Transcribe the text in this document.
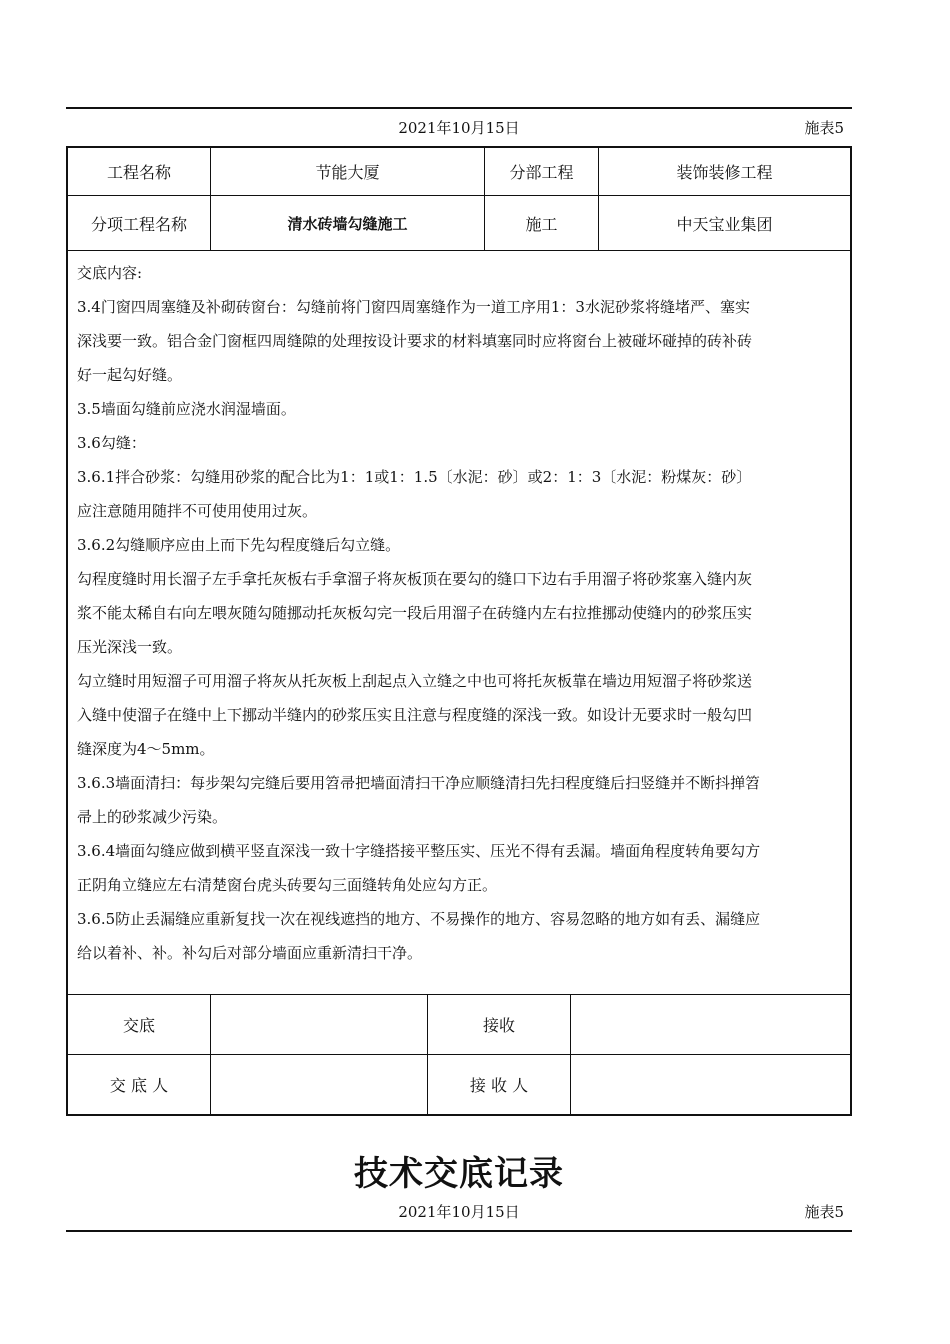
2021年10月15日	施表5
工程名称	节能大厦	分部工程	装饰装修工程
分项工程名称	清水砖墙勾缝施工	施工	中天宝业集团

交底内容:

3.4门窗四周塞缝及补砌砖窗台：勾缝前将门窗四周塞缝作为一道工序用1：3水泥砂浆将缝堵严、塞实

深浅要一致。铝合金门窗框四周缝隙的处理按设计要求的材料填塞同时应将窗台上被碰坏碰掉的砖补砖

好一起勾好缝。

3.5墙面勾缝前应浇水润湿墙面。

3.6勾缝：

3.6.1拌合砂浆：勾缝用砂浆的配合比为1：1或1：1.5〔水泥：砂〕或2：1：3〔水泥：粉煤灰：砂〕

应注意随用随拌不可使用使用过灰。

3.6.2勾缝顺序应由上而下先勾程度缝后勾立缝。

勾程度缝时用长溜子左手拿托灰板右手拿溜子将灰板顶在要勾的缝口下边右手用溜子将砂浆塞入缝内灰

浆不能太稀自右向左喂灰随勾随挪动托灰板勾完一段后用溜子在砖缝内左右拉推挪动使缝内的砂浆压实

压光深浅一致。

勾立缝时用短溜子可用溜子将灰从托灰板上刮起点入立缝之中也可将托灰板靠在墙边用短溜子将砂浆送

入缝中使溜子在缝中上下挪动半缝内的砂浆压实且注意与程度缝的深浅一致。如设计无要求时一般勾凹

缝深度为4～5mm。

3.6.3墙面清扫：每步架勾完缝后要用笤帚把墙面清扫干净应顺缝清扫先扫程度缝后扫竖缝并不断抖掸笤

帚上的砂浆减少污染。

3.6.4墙面勾缝应做到横平竖直深浅一致十字缝搭接平整压实、压光不得有丢漏。墙面角程度转角要勾方

正阴角立缝应左右清楚窗台虎头砖要勾三面缝转角处应勾方正。

3.6.5防止丢漏缝应重新复找一次在视线遮挡的地方、不易操作的地方、容易忽略的地方如有丢、漏缝应

给以着补、补。补勾后对部分墙面应重新清扫干净。

交底	接收
交 底 人	接 收 人
技术交底记录
2021年10月15日	施表5
